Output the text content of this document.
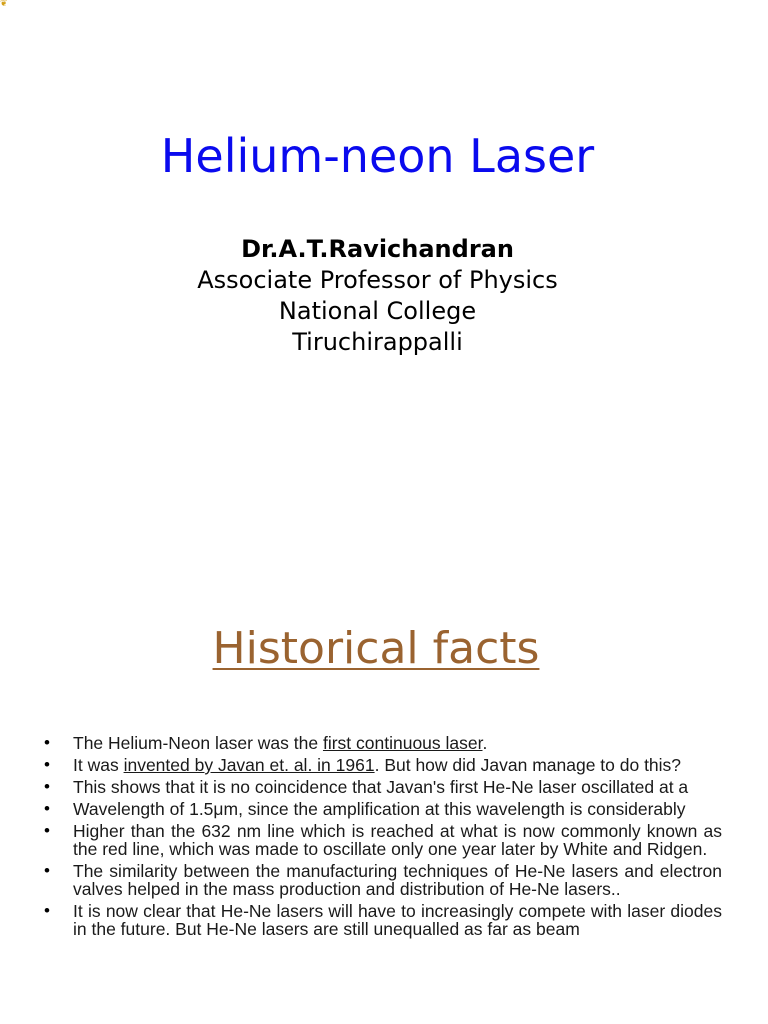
❦
Helium-neon Laser
Dr.A.T.Ravichandran
Associate Professor of Physics
National College
Tiruchirappalli
Historical facts
• The Helium-Neon laser was the first continuous laser.
• It was invented by Javan et. al. in 1961. But how did Javan manage to do this?
• This shows that it is no coincidence that Javan's first He-Ne laser oscillated at a
• Wavelength of 1.5μm, since the amplification at this wavelength is considerably
• Higher than the 632 nm line which is reached at what is now commonly known as the red line, which was made to oscillate only one year later by White and Ridgen.
• The similarity between the manufacturing techniques of He-Ne lasers and electron valves helped in the mass production and distribution of He-Ne lasers..
• It is now clear that He-Ne lasers will have to increasingly compete with laser diodes in the future. But He-Ne lasers are still unequalled as far as beam
